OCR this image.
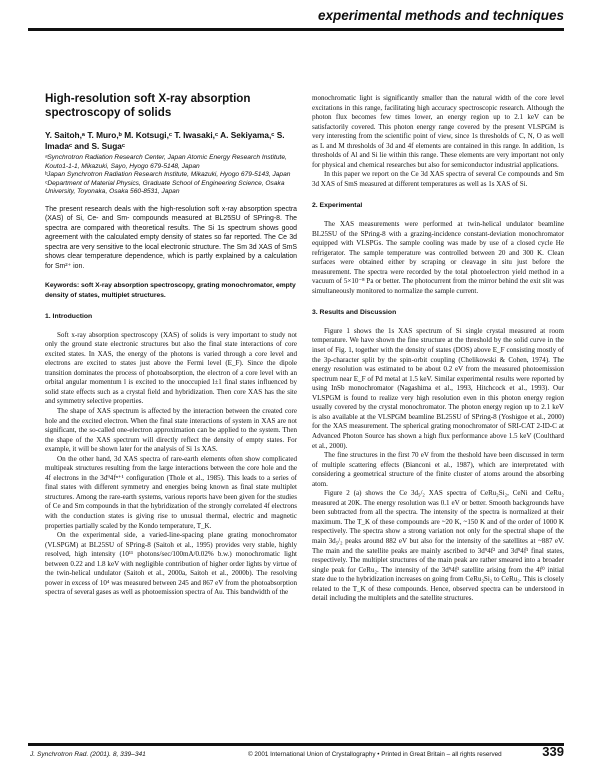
experimental methods and techniques
High-resolution soft X-ray absorption spectroscopy of solids
Y. Saitoh,ᵃ T. Muro,ᵇ M. Kotsugi,ᶜ T. Iwasaki,ᶜ A. Sekiyama,ᶜ S. Imadaᶜ and S. Sugaᶜ

ᵃSynchrotron Radiation Research Center, Japan Atomic Energy Research Institute, Kouto1-1-1, Mikazuki, Sayo, Hyogo 679-5148, Japan

ᵇJapan Synchrotron Radiation Research Institute, Mikazuki, Hyogo 679-5143, Japan

ᶜDepartment of Material Physics, Graduate School of Engineering Science, Osaka University, Toyonaka, Osaka 560-8531, Japan

The present research deals with the high-resolution soft x-ray absorption spectra (XAS) of Si, Ce- and Sm- compounds measured at BL25SU of SPring-8. The spectra are compared with theoretical results. The Si 1s spectrum shows good agreement with the calculated empty density of states so far reported. The Ce 3d spectra are very sensitive to the local electronic structure. The Sm 3d XAS of SmS shows clear temperature dependence, which is partly explained by a calculation for Sm²⁺ ion.
Keywords: soft X-ray absorption spectroscopy, grating monochromator, empty density of states, multiplet structures.
1. Introduction

Soft x-ray absorption spectroscopy (XAS) of solids is very important to study not only the ground state electronic structures but also the final state interactions of core excited states. In XAS, the energy of the photons is varied through a core level and electrons are excited to states just above the Fermi level (E_F). Since the dipole transition dominates the process of photoabsorption, the electron of a core level with an orbital angular momentum l is excited to the unoccupied l±1 final states influenced by solid state effects such as a crystal field and hybridization. Then core XAS has the site and symmetry selective properties.

The shape of XAS spectrum is affected by the interaction between the created core hole and the excited electron. When the final state interactions of system in XAS are not significant, the so-called one-electron approximation can be applied to the system. Then the shape of the XAS spectrum will directly reflect the density of empty states. For example, it will be shown later for the analysis of Si 1s XAS.

On the other hand, 3d XAS spectra of rare-earth elements often show complicated multipeak structures resulting from the large interactions between the core hole and the 4f electrons in the 3d⁹4fⁿ⁺¹ configuration (Thole et al., 1985). This leads to a series of final states with different symmetry and energies being known as final state multiplet structures. Among the rare-earth systems, various reports have been given for the studies of Ce and Sm compounds in that the hybridization of the strongly correlated 4f electrons with the conduction states is giving rise to unusual thermal, electric and magnetic properties partially scaled by the Kondo temperature, T_K.

On the experimental side, a varied-line-spacing plane grating monochromator (VLSPGM) at BL25SU of SPring-8 (Saitoh et al., 1995) provides very stable, highly resolved, high intensity (10¹¹ photons/sec/100mA/0.02% b.w.) monochromatic light between 0.22 and 1.8 keV with negligible contribution of higher order lights by virtue of the twin-helical undulator (Saitoh et al., 2000a, Saitoh et al., 2000b). The resolving power in excess of 10⁴ was measured between 245 and 867 eV from the photoabsorption spectra of several gases as well as photoemission spectra of Au. This bandwidth of the

monochromatic light is significantly smaller than the natural width of the core level excitations in this range, facilitating high accuracy spectroscopic research. Although the photon flux becomes few times lower, an energy region up to 2.1 keV can be satisfactorily covered. This photon energy range covered by the present VLSPGM is very interesting from the scientific point of view, since 1s thresholds of C, N, O as well as L and M thresholds of 3d and 4f elements are contained in this range. In addition, 1s thresholds of Al and Si lie within this range. These elements are very important not only for physical and chemical researches but also for semiconductor industrial applications.

In this paper we report on the Ce 3d XAS spectra of several Ce compounds and Sm 3d XAS of SmS measured at different temperatures as well as 1s XAS of Si.

2. Experimental

The XAS measurements were performed at twin-helical undulator beamline BL25SU of the SPring-8 with a grazing-incidence constant-deviation monochromator equipped with VLSPGs. The sample cooling was made by use of a closed cycle He refrigerator. The sample temperature was controlled between 20 and 300 K. Clean surfaces were obtained either by scraping or cleavage in situ just before the measurement. The spectra were recorded by the total photoelectron yield method in a vacuum of 5×10⁻⁸ Pa or better. The photocurrent from the mirror behind the exit slit was simultaneously monitored to normalize the sample current.

3. Results and Discussion

Figure 1 shows the 1s XAS spectrum of Si single crystal measured at room temperature. We have shown the fine structure at the threshold by the solid curve in the inset of Fig. 1, together with the density of states (DOS) above E_F consisting mostly of the 3p-character split by the spin-orbit coupling (Chelikowski & Cohen, 1974). The energy resolution was estimated to be about 0.2 eV from the measured photoemission spectrum near E_F of Pd metal at 1.5 keV. Similar experimental results were reported by using InSb monochromator (Nagashima et al., 1993, Hitchcock et al., 1993). Our VLSPGM is found to realize very high resolution even in this photon energy region usually covered by the crystal monochromator. The photon energy region up to 2.1 keV is also available at the VLSPGM beamline BL25SU of SPring-8 (Yoshigoe et al., 2000) for the XAS measurement. The spherical grating monochromator of SRI-CAT 2-ID-C at Advanced Photon Source has shown a high flux performance above 1.5 keV (Coulthard et al., 2000).

The fine structures in the first 70 eV from the theshold have been discussed in term of multiple scattering effects (Bianconi et al., 1987), which are interpretated with considering a geometrical structure of the finite cluster of atoms around the absorbing atom.

Figure 2 (a) shows the Ce 3d₅/₂ XAS spectra of CeRu₂Si₂, CeNi and CeRu₂ measured at 20K. The energy resolution was 0.1 eV or better. Smooth backgrounds have been subtracted from all the spectra. The intensity of the spectra is normalized at their maximum. The T_K of these compounds are ~20 K, ~150 K and of the order of 1000 K respectively. The spectra show a strong variation not only for the spectral shape of the main 3d₅/₂ peaks around 882 eV but also for the intensity of the satellites at ~887 eV. The main and the satellite peaks are mainly ascribed to 3d⁹4f² and 3d⁹4f¹ final states, respectively. The multiplet structures of the main peak are rather smeared into a broader single peak for CeRu₂. The intensity of the 3d⁹4f¹ satellite arising from the 4f⁰ initial state due to the hybridization increases on going from CeRu₂Si₂ to CeRu₂. This is closely related to the T_K of these compounds. Hence, observed spectra can be understood in detail including the multiplets and the satellite structures.

J. Synchrotron Rad. (2001). 8, 339–341	© 2001 International Union of Crystallography • Printed in Great Britain – all rights reserved	339
